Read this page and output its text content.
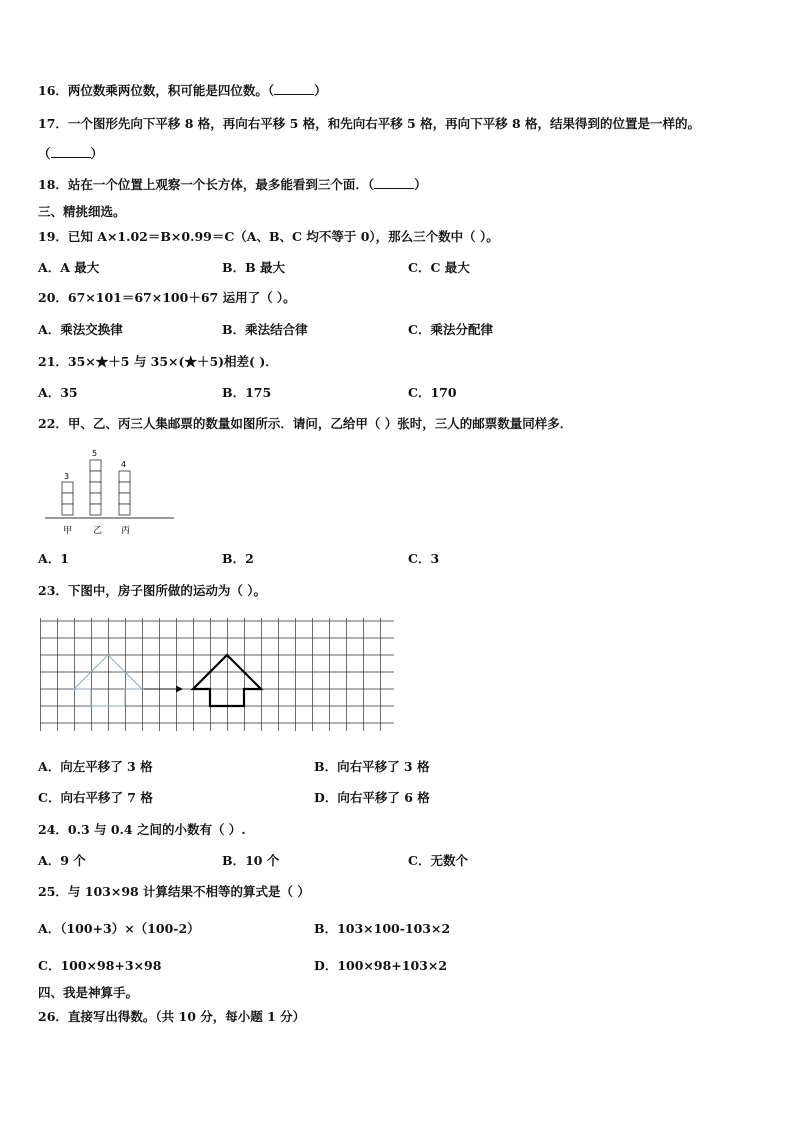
16．两位数乘两位数，积可能是四位数。（	）
17．一个图形先向下平移 8 格，再向右平移 5 格，和先向右平移 5 格，再向下平移 8 格，结果得到的位置是一样的。
（	）
18．站在一个位置上观察一个长方体，最多能看到三个面．（	）
三、精挑细选。
19．已知 A×1.02＝B×0.99＝C（A、B、C 均不等于 0），那么三个数中（ ）。
A．A 最大	B．B 最大	C．C 最大
20．67×101＝67×100＋67 运用了（ ）。
A．乘法交换律	B．乘法结合律	C．乘法分配律
21．35×★＋5 与 35×(★＋5)相差( )．
A．35	B．175	C．170
22．甲、乙、丙三人集邮票的数量如图所示．请问，乙给甲（ ）张时，三人的邮票数量同样多．
3
5
4
甲 乙 丙
A．1	B．2	C．3
23．下图中，房子图所做的运动为（ ）。
A．向左平移了 3 格	B．向右平移了 3 格
C．向右平移了 7 格	D．向右平移了 6 格
24．0.3 与 0.4 之间的小数有（ ）.
A．9 个	B．10 个	C．无数个
25．与 103×98 计算结果不相等的算式是（ ）
A．（100+3）×（100-2）	B．103×100-103×2
C．100×98+3×98	D．100×98+103×2
四、我是神算手。
26．直接写出得数。（共 10 分，每小题 1 分）
